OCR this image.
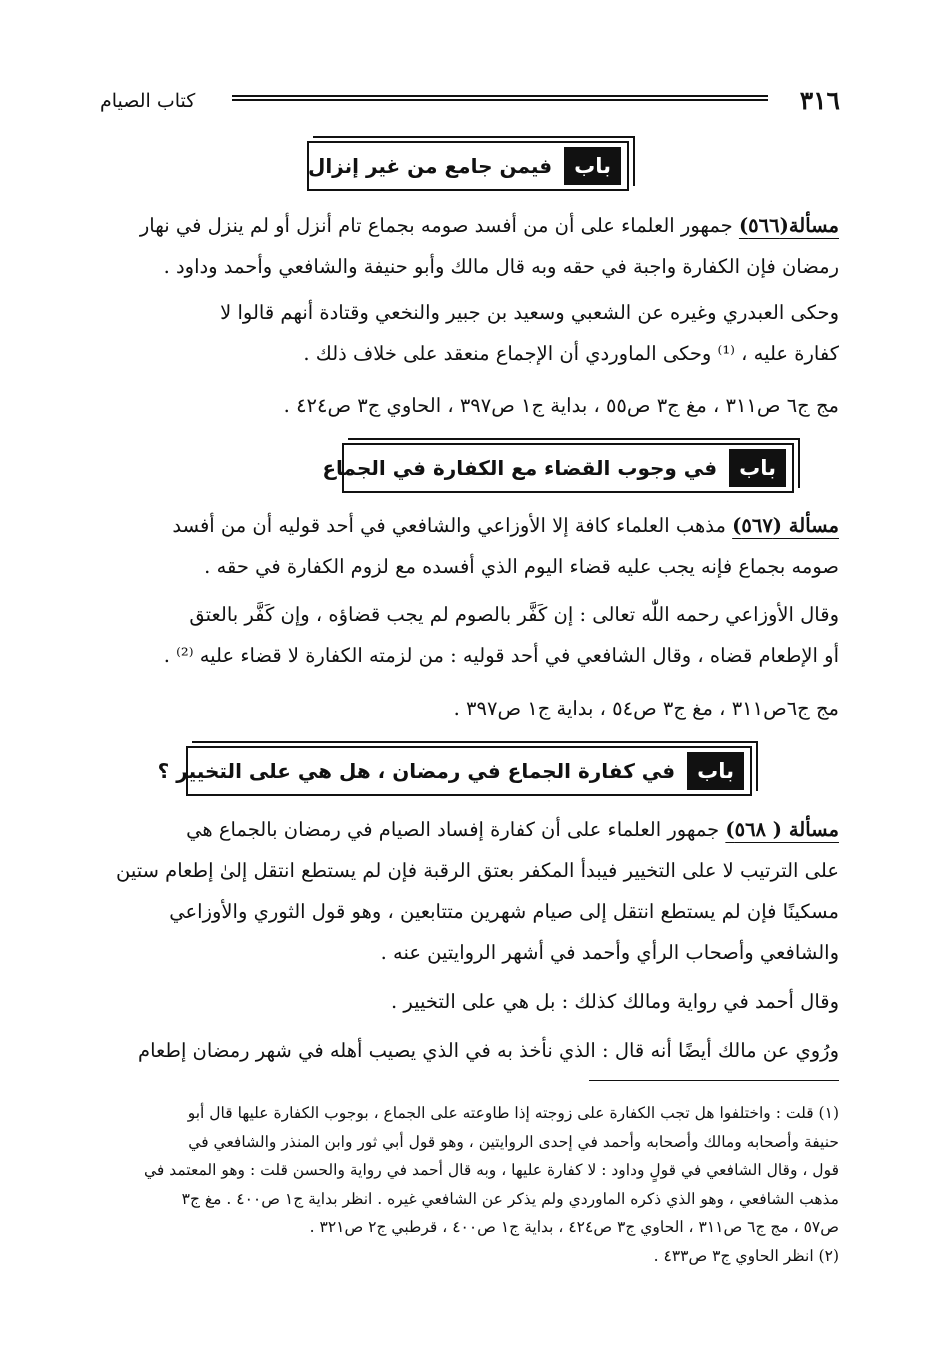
٣١٦
كتاب الصيام
باب
فيمن جامع من غير إنزال
مسألة(٥٦٦) جمهور العلماء على أن من أفسد صومه بجماع تام أنزل أو لم ينزل في نهار
رمضان فإن الكفارة واجبة في حقه وبه قال مالك وأبو حنيفة والشافعي وأحمد وداود .
وحكى العبدري وغيره عن الشعبي وسعيد بن جبير والنخعي وقتادة أنهم قالوا لا
كفارة عليه ، ⁽¹⁾ وحكى الماوردي أن الإجماع منعقد على خلاف ذلك .
مج ج٦ ص٣١١ ، مغ ج٣ ص٥٥ ، بداية ج١ ص٣٩٧ ، الحاوي ج٣ ص٤٢٤ .
باب
في وجوب القضاء مع الكفارة في الجماع
مسألة (٥٦٧) مذهب العلماء كافة إلا الأوزاعي والشافعي في أحد قوليه أن من أفسد
صومه بجماع فإنه يجب عليه قضاء اليوم الذي أفسده مع لزوم الكفارة في حقه .
وقال الأوزاعي رحمه اللّٰه تعالى : إن كَفَّر بالصوم لم يجب قضاؤه ، وإن كَفَّر بالعتق
أو الإطعام قضاه ، وقال الشافعي في أحد قوليه : من لزمته الكفارة لا قضاء عليه ⁽²⁾ .
مج ج٦ص٣١١ ، مغ ج٣ ص٥٤ ، بداية ج١ ص٣٩٧ .
باب
في كفارة الجماع في رمضان ، هل هي على التخيير ؟
مسألة ( ٥٦٨) جمهور العلماء على أن كفارة إفساد الصيام في رمضان بالجماع هي
على الترتيب لا على التخيير فيبدأ المكفر بعتق الرقبة فإن لم يستطع انتقل إلىٰ إطعام ستين
مسكينًا فإن لم يستطع انتقل إلى صيام شهرين متتابعين ، وهو قول الثوري والأوزاعي
والشافعي وأصحاب الرأي وأحمد في أشهر الروايتين عنه .
وقال أحمد في رواية ومالك كذلك : بل هي على التخيير .
ورُوي عن مالك أيضًا أنه قال : الذي نأخذ به في الذي يصيب أهله في شهر رمضان إطعام
(١) قلت : واختلفوا هل تجب الكفارة على زوجته إذا طاوعته على الجماع ، بوجوب الكفارة عليها قال أبو
حنيفة وأصحابه ومالك وأصحابه وأحمد في إحدى الروايتين ، وهو قول أبي ثور وابن المنذر والشافعي في
قول ، وقال الشافعي في قولٍ وداود : لا كفارة عليها ، وبه قال أحمد في رواية والحسن قلت : وهو المعتمد في
مذهب الشافعي ، وهو الذي ذكره الماوردي ولم يذكر عن الشافعي غيره . انظر بداية ج١ ص٤٠٠ . مغ ج٣
ص٥٧ ، مج ج٦ ص٣١١ ، الحاوي ج٣ ص٤٢٤ ، بداية ج١ ص٤٠٠ ، قرطبي ج٢ ص٣٢١ .
(٢) انظر الحاوي ج٣ ص٤٣٣ .
